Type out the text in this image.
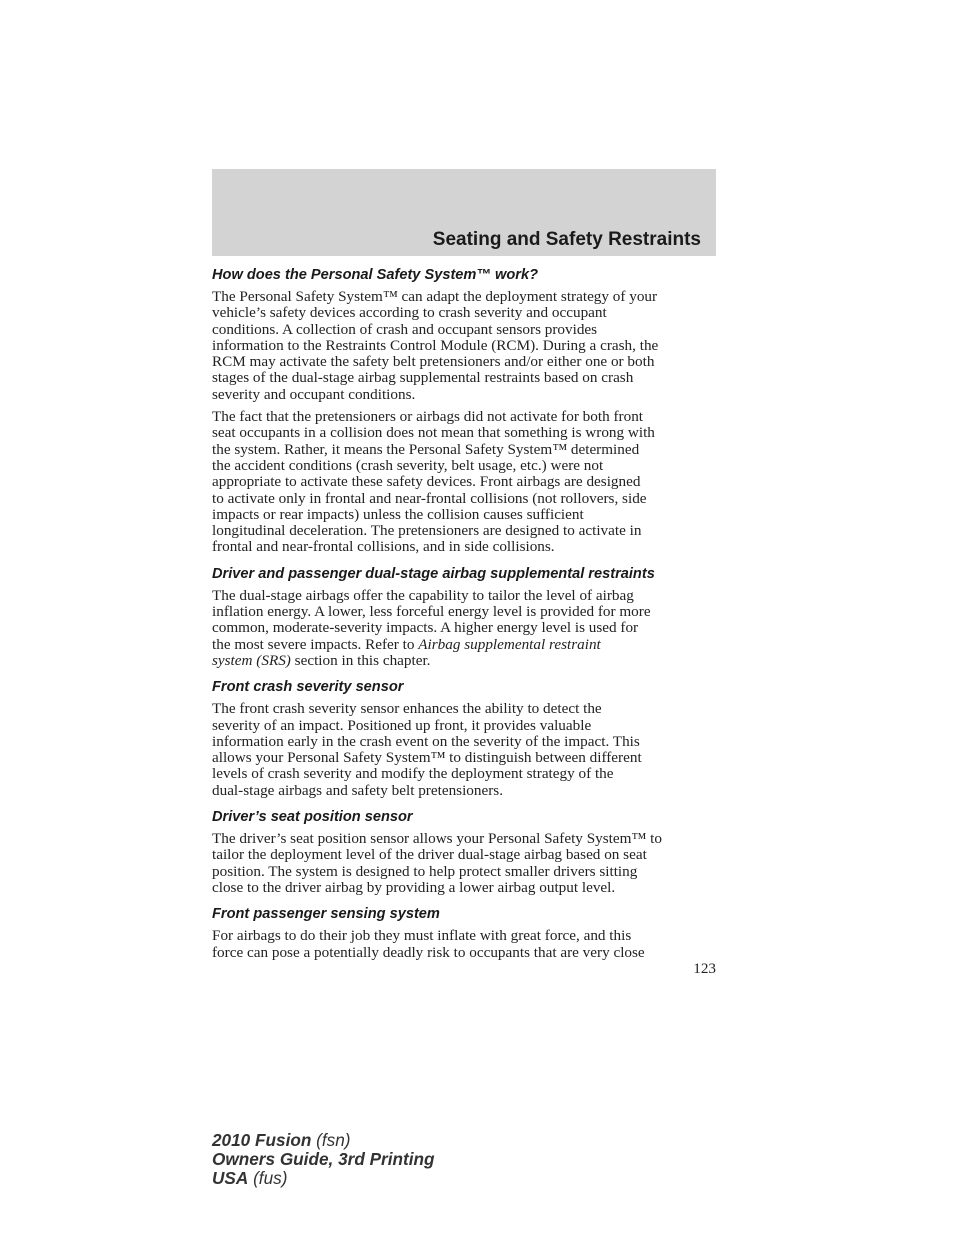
Seating and Safety Restraints
How does the Personal Safety System™ work?
The Personal Safety System™ can adapt the deployment strategy of your
vehicle’s safety devices according to crash severity and occupant
conditions. A collection of crash and occupant sensors provides
information to the Restraints Control Module (RCM). During a crash, the
RCM may activate the safety belt pretensioners and/or either one or both
stages of the dual-stage airbag supplemental restraints based on crash
severity and occupant conditions.
The fact that the pretensioners or airbags did not activate for both front
seat occupants in a collision does not mean that something is wrong with
the system. Rather, it means the Personal Safety System™ determined
the accident conditions (crash severity, belt usage, etc.) were not
appropriate to activate these safety devices. Front airbags are designed
to activate only in frontal and near-frontal collisions (not rollovers, side
impacts or rear impacts) unless the collision causes sufficient
longitudinal deceleration. The pretensioners are designed to activate in
frontal and near-frontal collisions, and in side collisions.
Driver and passenger dual-stage airbag supplemental restraints
The dual-stage airbags offer the capability to tailor the level of airbag
inflation energy. A lower, less forceful energy level is provided for more
common, moderate-severity impacts. A higher energy level is used for
the most severe impacts. Refer to Airbag supplemental restraint
system (SRS) section in this chapter.
Front crash severity sensor
The front crash severity sensor enhances the ability to detect the
severity of an impact. Positioned up front, it provides valuable
information early in the crash event on the severity of the impact. This
allows your Personal Safety System™ to distinguish between different
levels of crash severity and modify the deployment strategy of the
dual-stage airbags and safety belt pretensioners.
Driver’s seat position sensor
The driver’s seat position sensor allows your Personal Safety System™ to
tailor the deployment level of the driver dual-stage airbag based on seat
position. The system is designed to help protect smaller drivers sitting
close to the driver airbag by providing a lower airbag output level.
Front passenger sensing system
For airbags to do their job they must inflate with great force, and this
force can pose a potentially deadly risk to occupants that are very close
123
2010 Fusion (fsn)
Owners Guide, 3rd Printing
USA (fus)
